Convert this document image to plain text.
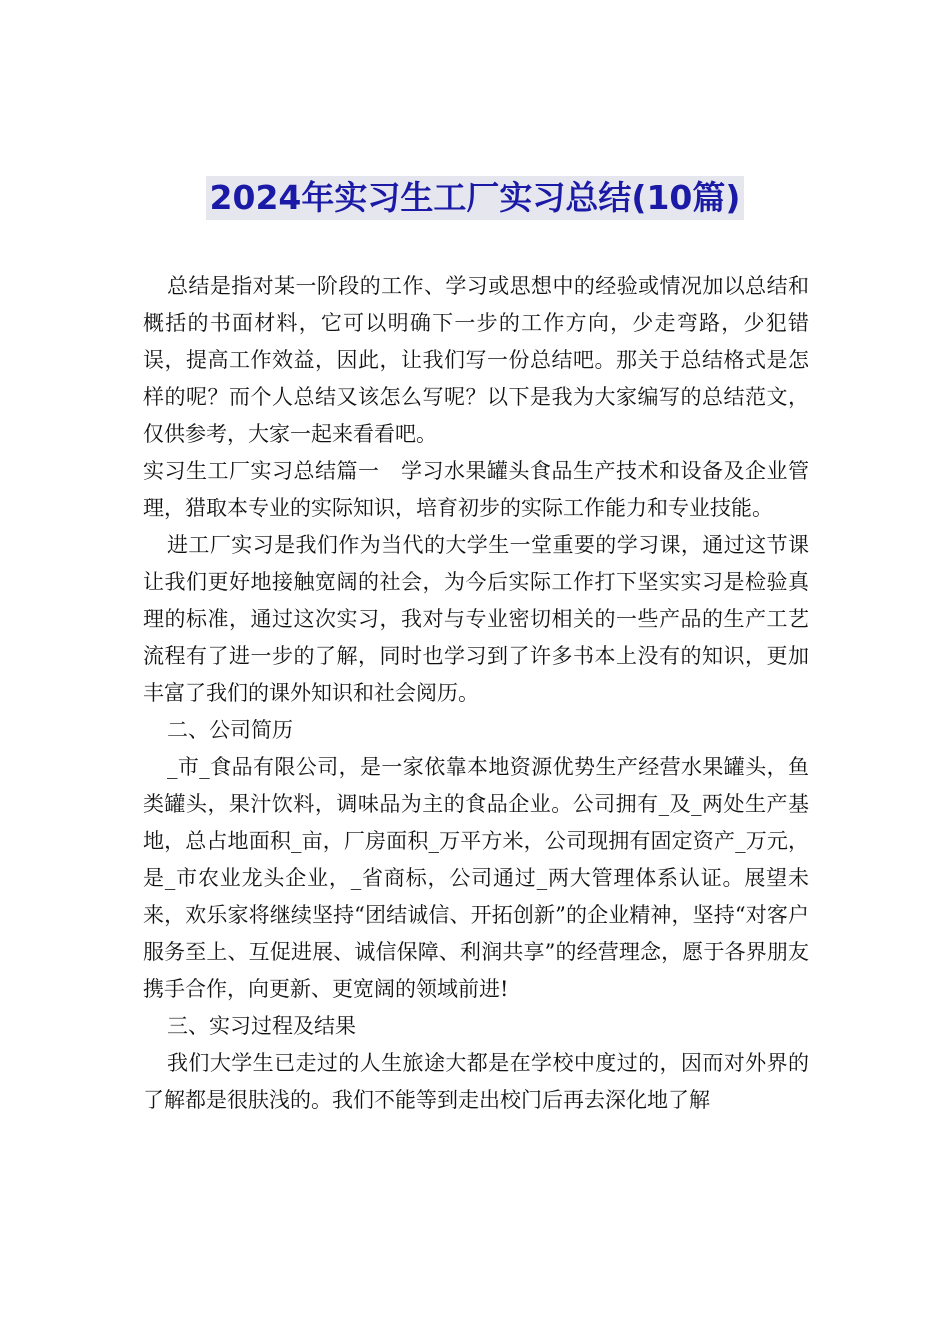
2024年实习生工厂实习总结(10篇)

总结是指对某一阶段的工作、学习或思想中的经验或情况加以总结和概括的书面材料，它可以明确下一步的工作方向，少走弯路，少犯错误，提高工作效益，因此，让我们写一份总结吧。那关于总结格式是怎样的呢？而个人总结又该怎么写呢？以下是我为大家编写的总结范文，仅供参考，大家一起来看看吧。

实习生工厂实习总结篇一　学习水果罐头食品生产技术和设备及企业管理，猎取本专业的实际知识，培育初步的实际工作能力和专业技能。

进工厂实习是我们作为当代的大学生一堂重要的学习课，通过这节课让我们更好地接触宽阔的社会，为今后实际工作打下坚实实习是检验真理的标准，通过这次实习，我对与专业密切相关的一些产品的生产工艺流程有了进一步的了解，同时也学习到了许多书本上没有的知识，更加丰富了我们的课外知识和社会阅历。

二、公司简历

_市_食品有限公司，是一家依靠本地资源优势生产经营水果罐头，鱼类罐头，果汁饮料，调味品为主的食品企业。公司拥有_及_两处生产基地，总占地面积_亩，厂房面积_万平方米，公司现拥有固定资产_万元，是_市农业龙头企业，_省商标，公司通过_两大管理体系认证。展望未来，欢乐家将继续坚持“团结诚信、开拓创新”的企业精神，坚持“对客户服务至上、互促进展、诚信保障、利润共享”的经营理念，愿于各界朋友携手合作，向更新、更宽阔的领域前进!

三、实习过程及结果

我们大学生已走过的人生旅途大都是在学校中度过的，因而对外界的了解都是很肤浅的。我们不能等到走出校门后再去深化地了解
